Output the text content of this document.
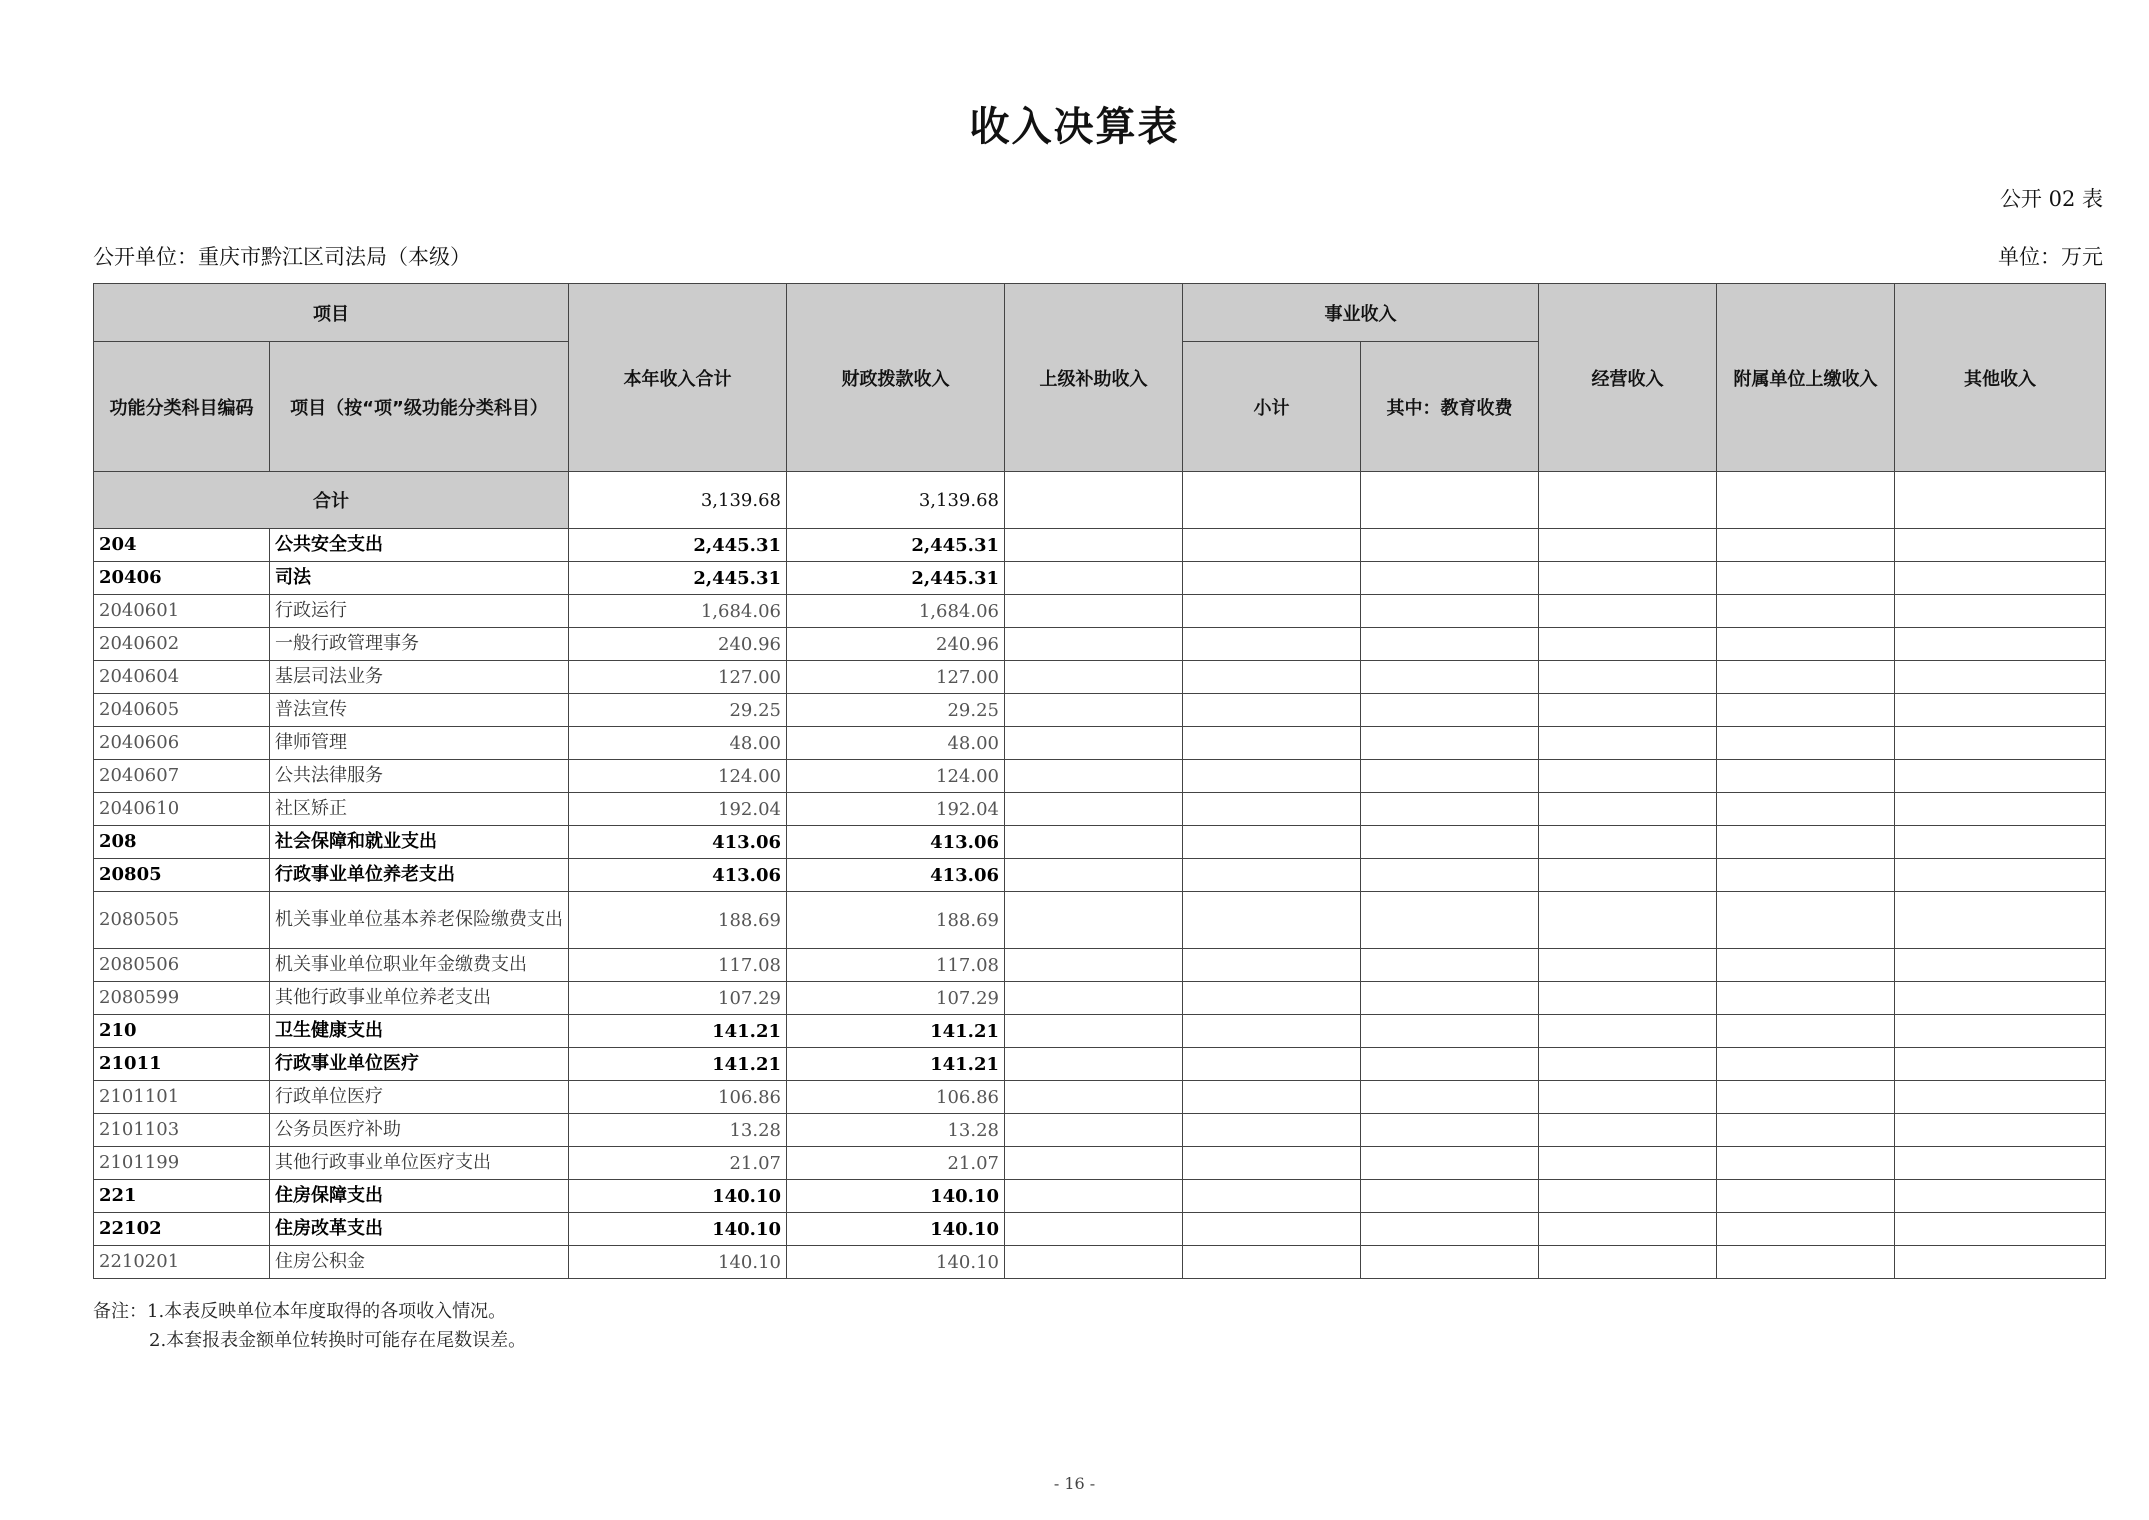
收入决算表
公开 02 表
公开单位：重庆市黔江区司法局（本级）	单位：万元
项目		本年收入合计	财政拨款收入	上级补助收入	事业收入		经营收入	附属单位上缴收入	其他收入
功能分类科目编码	项目（按“项”级功能分类科目）				小计	其中：教育收费			
合计		3,139.68	3,139.68						
204	公共安全支出	2,445.31	2,445.31						
20406	司法	2,445.31	2,445.31						
2040601	行政运行	1,684.06	1,684.06						
2040602	一般行政管理事务	240.96	240.96						
2040604	基层司法业务	127.00	127.00						
2040605	普法宣传	29.25	29.25						
2040606	律师管理	48.00	48.00						
2040607	公共法律服务	124.00	124.00						
2040610	社区矫正	192.04	192.04						
208	社会保障和就业支出	413.06	413.06						
20805	行政事业单位养老支出	413.06	413.06						
2080505	机关事业单位基本养老保险缴费支出	188.69	188.69						
2080506	机关事业单位职业年金缴费支出	117.08	117.08						
2080599	其他行政事业单位养老支出	107.29	107.29						
210	卫生健康支出	141.21	141.21						
21011	行政事业单位医疗	141.21	141.21						
2101101	行政单位医疗	106.86	106.86						
2101103	公务员医疗补助	13.28	13.28						
2101199	其他行政事业单位医疗支出	21.07	21.07						
221	住房保障支出	140.10	140.10						
22102	住房改革支出	140.10	140.10						
2210201	住房公积金	140.10	140.10						
备注：1.本表反映单位本年度取得的各项收入情况。
2.本套报表金额单位转换时可能存在尾数误差。
- 16 -
